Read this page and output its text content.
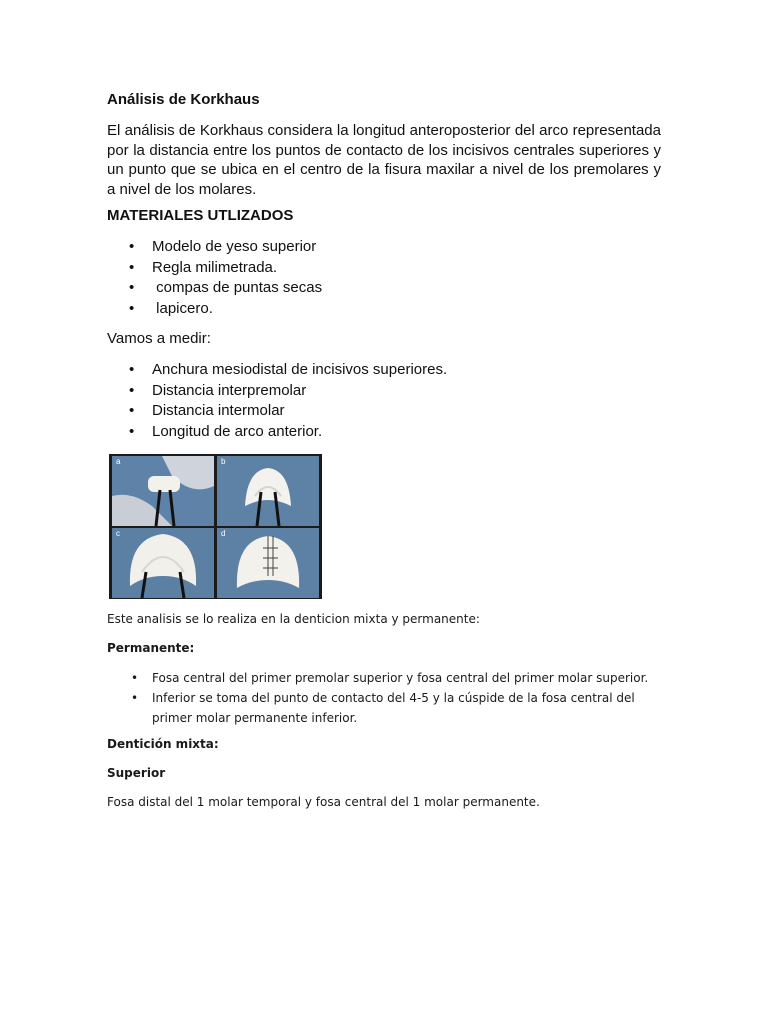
Análisis de Korkhaus

El análisis de Korkhaus considera la longitud anteroposterior del arco representada por la distancia entre los puntos de contacto de los incisivos centrales superiores y un punto que se ubica en el centro de la fisura maxilar a nivel de los premolares y a nivel de los molares.

MATERIALES UTLIZADOS
• Modelo de yeso superior
• Regla milimetrada.
•  compas de puntas secas
•  lapicero.

Vamos a medir:

• Anchura mesiodistal de incisivos superiores.
• Distancia interpremolar
• Distancia intermolar
• Longitud de arco anterior.
a	b
c	d

Este analisis se lo realiza en la denticion mixta y permanente:

Permanente:

• Fosa central del primer premolar superior y fosa central del primer molar superior.
• Inferior se toma del punto de contacto del 4-5 y la cúspide de la fosa central del primer molar permanente inferior.

Dentición mixta:

Superior

Fosa distal del 1 molar temporal y fosa central del 1 molar permanente.
